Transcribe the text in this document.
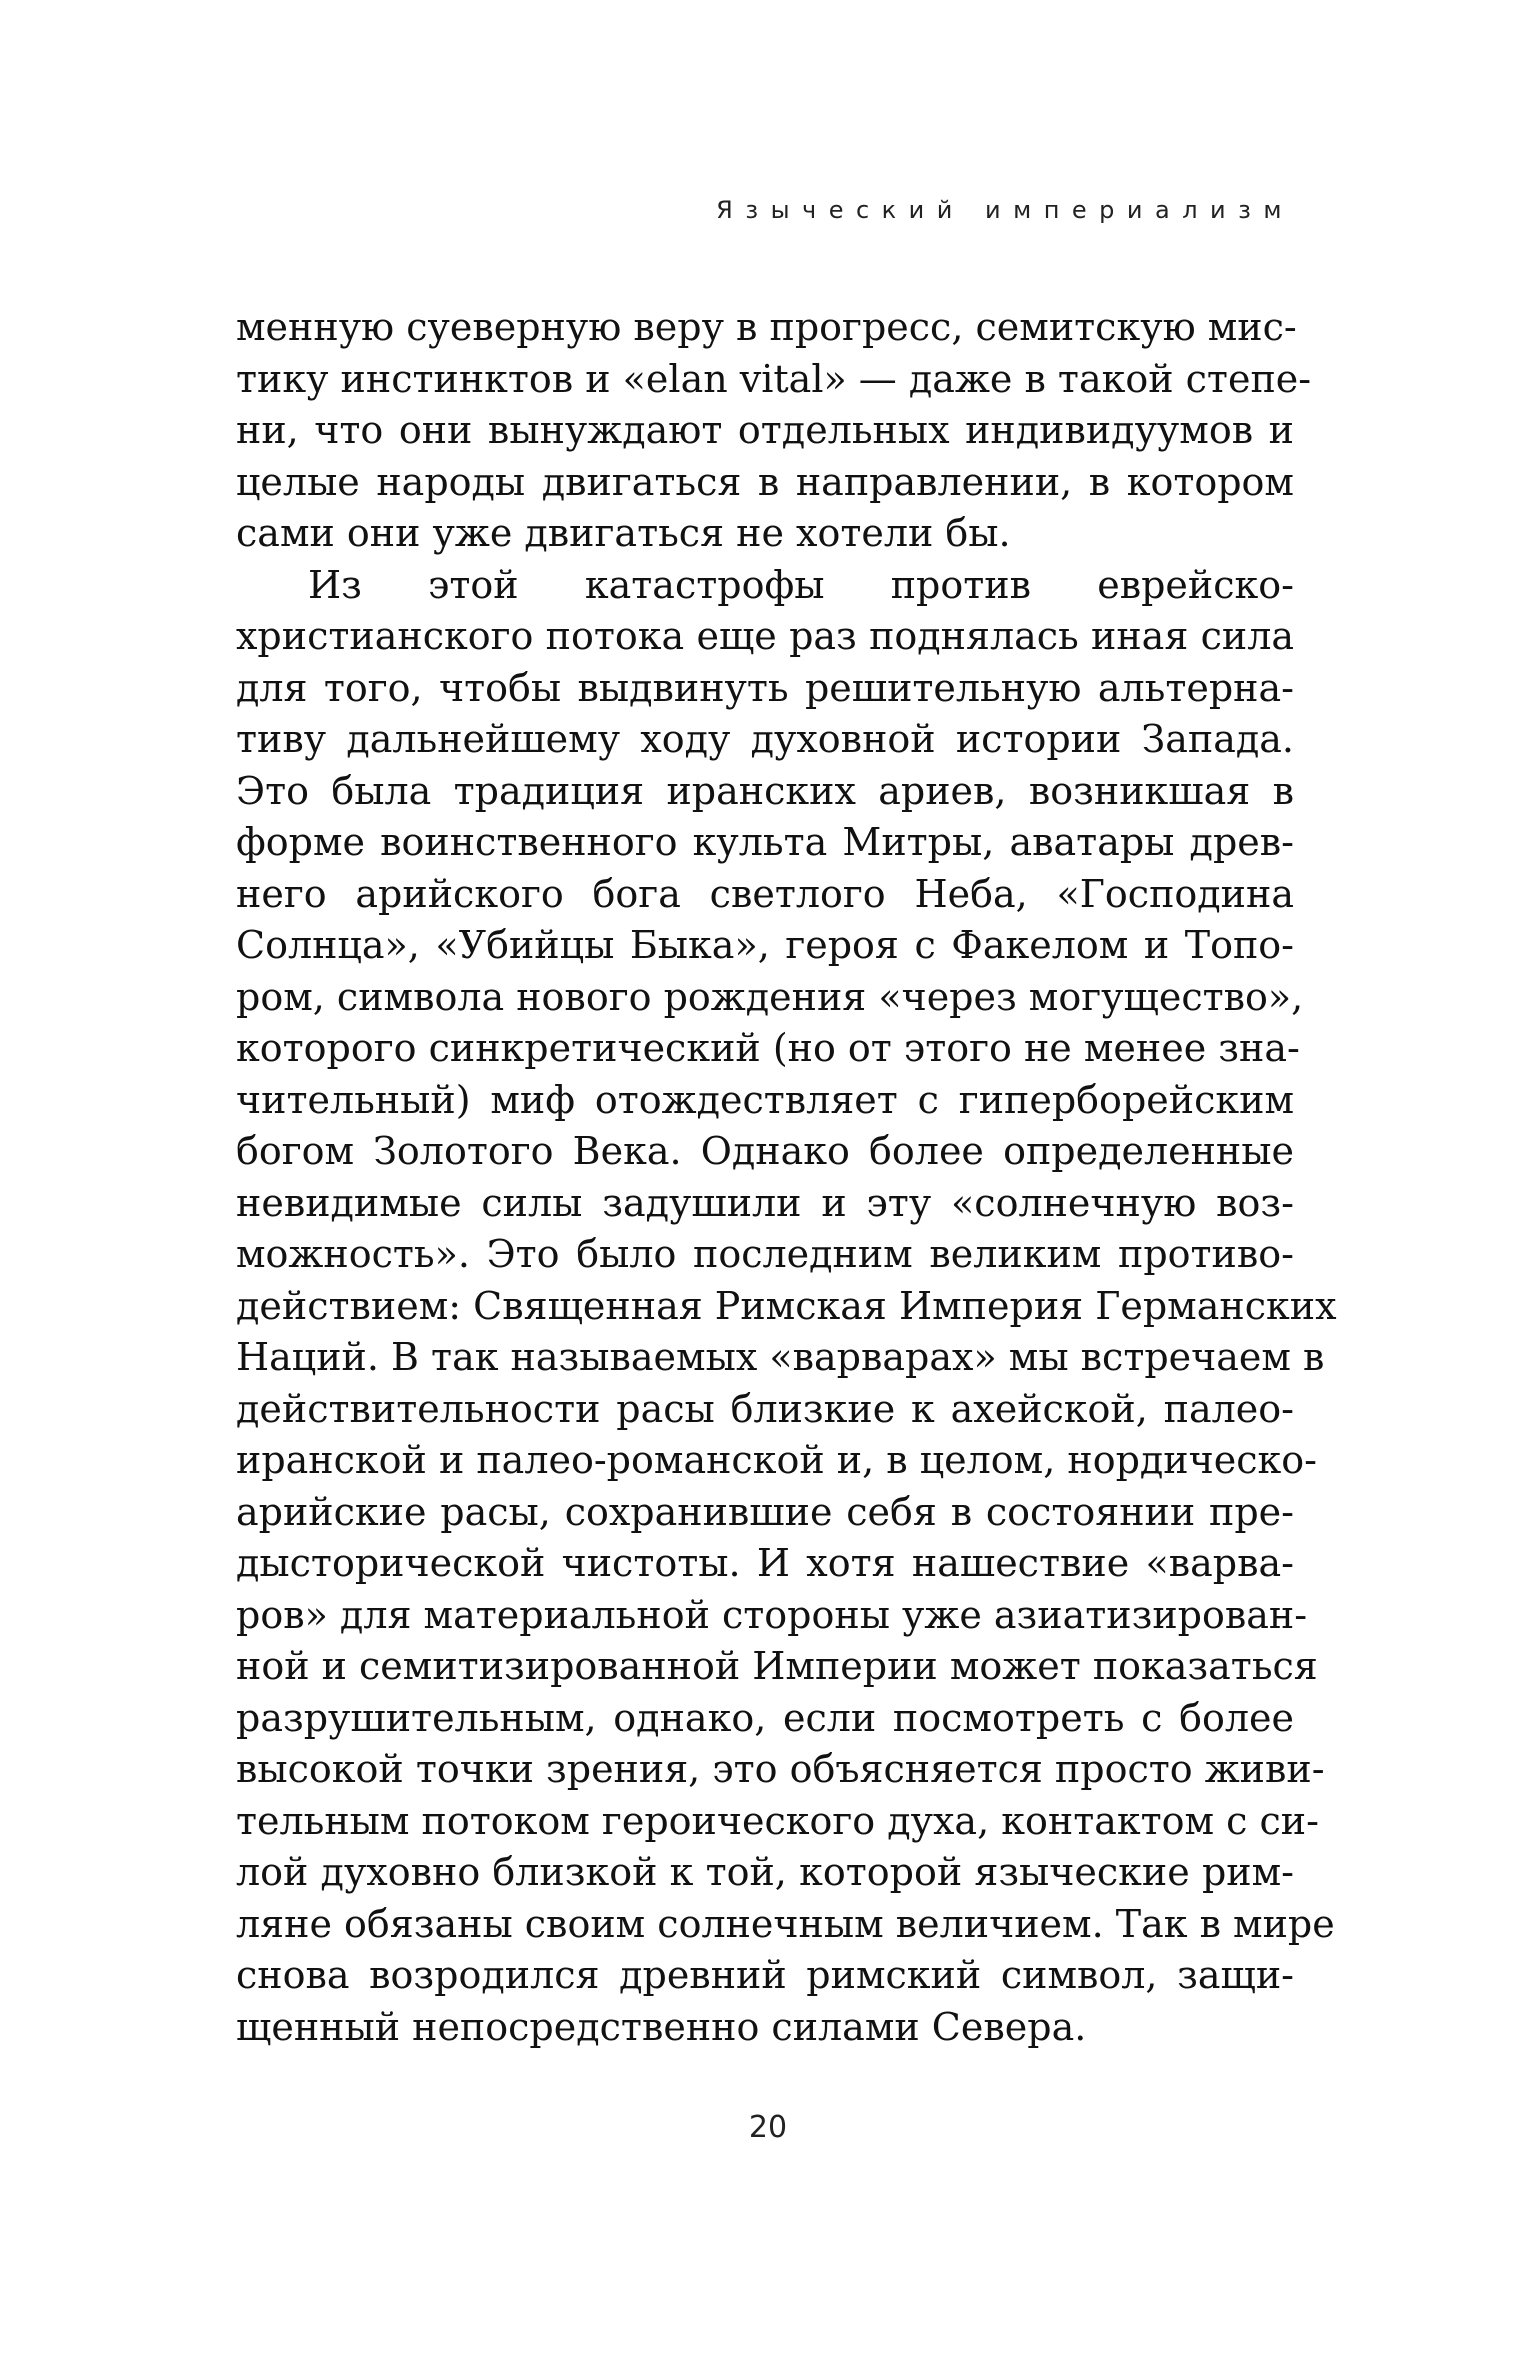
Языческий империализм

менную суеверную веру в прогресс, семитскую мис-
тику инстинктов и «elan vital» — даже в такой степе-
ни, что они вынуждают отдельных индивидуумов и
целые народы двигаться в направлении, в котором
сами они уже двигаться не хотели бы.

Из этой катастрофы против еврейско-
христианского потока еще раз поднялась иная сила
для того, чтобы выдвинуть решительную альтерна-
тиву дальнейшему ходу духовной истории Запада.
Это была традиция иранских ариев, возникшая в
форме воинственного культа Митры, аватары древ-
него арийского бога светлого Неба, «Господина
Солнца», «Убийцы Быка», героя с Факелом и Топо-
ром, символа нового рождения «через могущество»,
которого синкретический (но от этого не менее зна-
чительный) миф отождествляет с гиперборейским
богом Золотого Века. Однако более определенные
невидимые силы задушили и эту «солнечную воз-
можность». Это было последним великим противо-
действием: Священная Римская Империя Германских
Наций. В так называемых «варварах» мы встречаем в
действительности расы близкие к ахейской, палео-
иранской и палео-романской и, в целом, нордическо-
арийские расы, сохранившие себя в состоянии пре-
дысторической чистоты. И хотя нашествие «варва-
ров» для материальной стороны уже азиатизирован-
ной и семитизированной Империи может показаться
разрушительным, однако, если посмотреть с более
высокой точки зрения, это объясняется просто живи-
тельным потоком героического духа, контактом с си-
лой духовно близкой к той, которой языческие рим-
ляне обязаны своим солнечным величием. Так в мире
снова возродился древний римский символ, защи-
щенный непосредственно силами Севера.

20
